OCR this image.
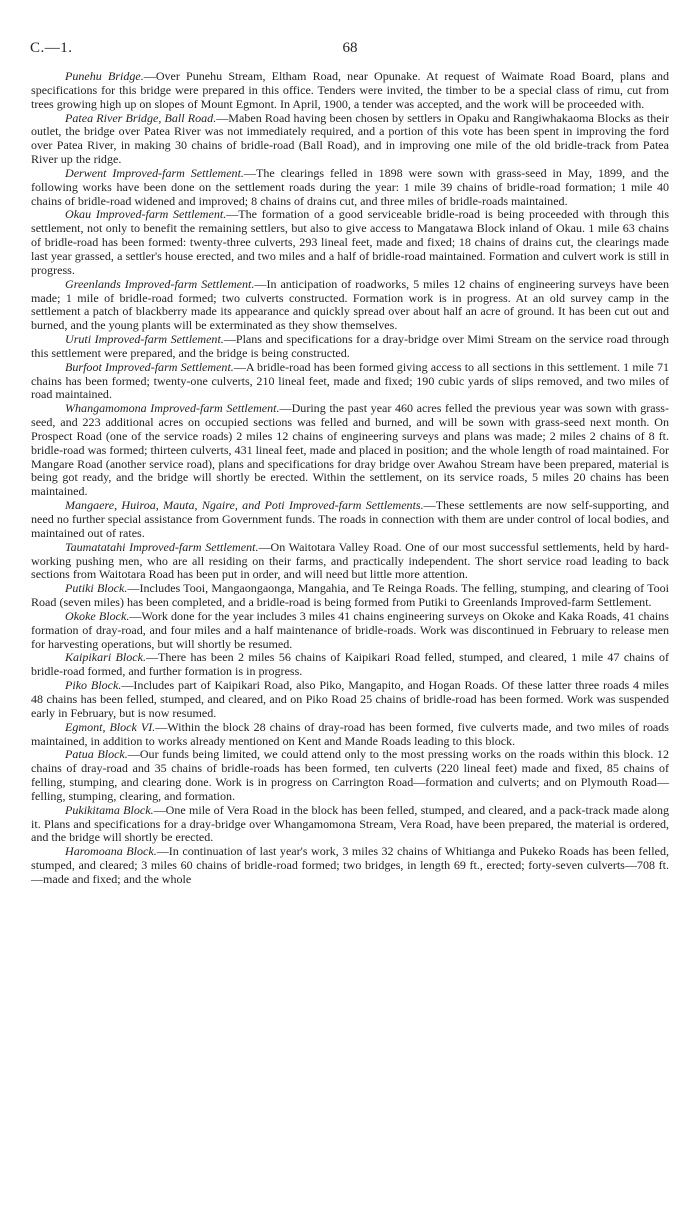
C.—1.	68

Punehu Bridge.—Over Punehu Stream, Eltham Road, near Opunake. At request of Waimate Road Board, plans and specifications for this bridge were prepared in this office. Tenders were invited, the timber to be a special class of rimu, cut from trees growing high up on slopes of Mount Egmont. In April, 1900, a tender was accepted, and the work will be proceeded with.

Patea River Bridge, Ball Road.—Maben Road having been chosen by settlers in Opaku and Rangiwhakaoma Blocks as their outlet, the bridge over Patea River was not immediately required, and a portion of this vote has been spent in improving the ford over Patea River, in making 30 chains of bridle-road (Ball Road), and in improving one mile of the old bridle-track from Patea River up the ridge.

Derwent Improved-farm Settlement.—The clearings felled in 1898 were sown with grass-seed in May, 1899, and the following works have been done on the settlement roads during the year: 1 mile 39 chains of bridle-road formation; 1 mile 40 chains of bridle-road widened and improved; 8 chains of drains cut, and three miles of bridle-roads maintained.

Okau Improved-farm Settlement.—The formation of a good serviceable bridle-road is being proceeded with through this settlement, not only to benefit the remaining settlers, but also to give access to Mangatawa Block inland of Okau. 1 mile 63 chains of bridle-road has been formed: twenty-three culverts, 293 lineal feet, made and fixed; 18 chains of drains cut, the clearings made last year grassed, a settler's house erected, and two miles and a half of bridle-road maintained. Formation and culvert work is still in progress.

Greenlands Improved-farm Settlement.—In anticipation of roadworks, 5 miles 12 chains of engineering surveys have been made; 1 mile of bridle-road formed; two culverts constructed. Formation work is in progress. At an old survey camp in the settlement a patch of blackberry made its appearance and quickly spread over about half an acre of ground. It has been cut out and burned, and the young plants will be exterminated as they show themselves.

Uruti Improved-farm Settlement.—Plans and specifications for a dray-bridge over Mimi Stream on the service road through this settlement were prepared, and the bridge is being constructed.

Burfoot Improved-farm Settlement.—A bridle-road has been formed giving access to all sections in this settlement. 1 mile 71 chains has been formed; twenty-one culverts, 210 lineal feet, made and fixed; 190 cubic yards of slips removed, and two miles of road maintained.

Whangamomona Improved-farm Settlement.—During the past year 460 acres felled the previous year was sown with grass-seed, and 223 additional acres on occupied sections was felled and burned, and will be sown with grass-seed next month. On Prospect Road (one of the service roads) 2 miles 12 chains of engineering surveys and plans was made; 2 miles 2 chains of 8 ft. bridle-road was formed; thirteen culverts, 431 lineal feet, made and placed in position; and the whole length of road maintained. For Mangare Road (another service road), plans and specifications for dray bridge over Awahou Stream have been prepared, material is being got ready, and the bridge will shortly be erected. Within the settlement, on its service roads, 5 miles 20 chains has been maintained.

Mangaere, Huiroa, Mauta, Ngaire, and Poti Improved-farm Settlements.—These settlements are now self-supporting, and need no further special assistance from Government funds. The roads in connection with them are under control of local bodies, and maintained out of rates.

Taumatatahi Improved-farm Settlement.—On Waitotara Valley Road. One of our most successful settlements, held by hard-working pushing men, who are all residing on their farms, and practically independent. The short service road leading to back sections from Waitotara Road has been put in order, and will need but little more attention.

Putiki Block.—Includes Tooi, Mangaongaonga, Mangahia, and Te Reinga Roads. The felling, stumping, and clearing of Tooi Road (seven miles) has been completed, and a bridle-road is being formed from Putiki to Greenlands Improved-farm Settlement.

Okoke Block.—Work done for the year includes 3 miles 41 chains engineering surveys on Okoke and Kaka Roads, 41 chains formation of dray-road, and four miles and a half maintenance of bridle-roads. Work was discontinued in February to release men for harvesting operations, but will shortly be resumed.

Kaipikari Block.—There has been 2 miles 56 chains of Kaipikari Road felled, stumped, and cleared, 1 mile 47 chains of bridle-road formed, and further formation is in progress.

Piko Block.—Includes part of Kaipikari Road, also Piko, Mangapito, and Hogan Roads. Of these latter three roads 4 miles 48 chains has been felled, stumped, and cleared, and on Piko Road 25 chains of bridle-road has been formed. Work was suspended early in February, but is now resumed.

Egmont, Block VI.—Within the block 28 chains of dray-road has been formed, five culverts made, and two miles of roads maintained, in addition to works already mentioned on Kent and Mande Roads leading to this block.

Patua Block.—Our funds being limited, we could attend only to the most pressing works on the roads within this block. 12 chains of dray-road and 35 chains of bridle-roads has been formed, ten culverts (220 lineal feet) made and fixed, 85 chains of felling, stumping, and clearing done. Work is in progress on Carrington Road—formation and culverts; and on Plymouth Road—felling, stumping, clearing, and formation.

Pukikitama Block.—One mile of Vera Road in the block has been felled, stumped, and cleared, and a pack-track made along it. Plans and specifications for a dray-bridge over Whangamomona Stream, Vera Road, have been prepared, the material is ordered, and the bridge will shortly be erected.

Haromoana Block.—In continuation of last year's work, 3 miles 32 chains of Whitianga and Pukeko Roads has been felled, stumped, and cleared; 3 miles 60 chains of bridle-road formed; two bridges, in length 69 ft., erected; forty-seven culverts—708 ft.—made and fixed; and the whole
